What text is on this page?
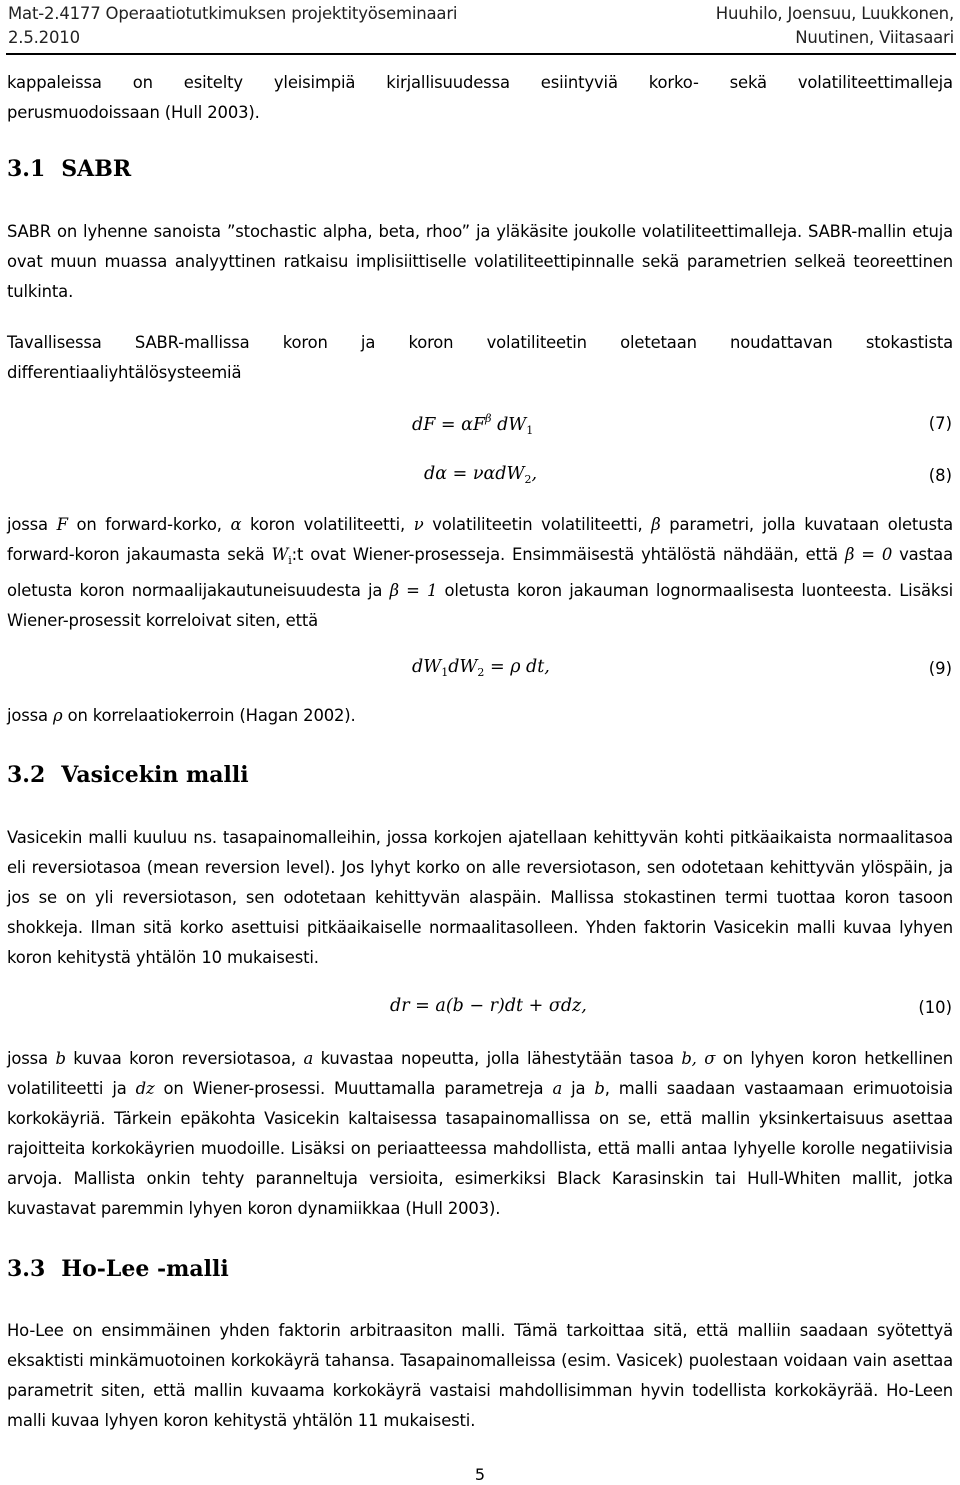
Mat-2.4177 Operaatiotutkimuksen projektityöseminaari
2.5.2010
Huuhilo, Joensuu, Luukkonen,
Nuutinen, Viitasaari
kappaleissa on esitelty yleisimpiä kirjallisuudessa esiintyviä korko- sekä volatiliteettimalleja
perusmuodoissaan (Hull 2003).
3.1 SABR
SABR on lyhenne sanoista ”stochastic alpha, beta, rhoo” ja yläkäsite joukolle volatiliteettimalleja. SABR-mallin etuja ovat muun muassa analyyttinen ratkaisu implisiittiselle volatiliteettipinnalle sekä parametrien selkeä teoreettinen tulkinta.
Tavallisessa SABR-mallissa koron ja koron volatiliteetin oletetaan noudattavan stokastista differentiaaliyhtälösysteemiä
dF = $\alpha F^\beta$ $dW_1$	(7)
dα = ναdW$_2$,	(8)
jossa F on forward-korko, α koron volatiliteetti, ν volatiliteetin volatiliteetti, β parametri, jolla kuvataan oletusta forward-koron jakaumasta sekä $W_i:t$ ovat Wiener-prosesseja. Ensimmäisestä yhtälöstä nähdään, että β = 0 vastaa oletusta koron normaalijakautuneisuudesta ja β = 1 oletusta koron jakauman lognormaalisesta luonteesta. Lisäksi Wiener-prosessit korreloivat siten, että
$dW_1dW_2 = \rho$ dt,	(9)
jossa ρ on korrelaatiokerroin (Hagan 2002).
3.2 Vasicekin malli
Vasicekin malli kuuluu ns. tasapainomalleihin, jossa korkojen ajatellaan kehittyvän kohti pitkäaikaista normaalitasoa eli reversiotasoa (mean reversion level). Jos lyhyt korko on alle reversiotason, sen odotetaan kehittyvän ylöspäin, ja jos se on yli reversiotason, sen odotetaan kehittyvän alaspäin. Mallissa stokastinen termi tuottaa koron tasoon shokkeja. Ilman sitä korko asettuisi pitkäaikaiselle normaalitasolleen. Yhden faktorin Vasicekin malli kuvaa lyhyen koron kehitystä yhtälön 10 mukaisesti.
dr = a(b − r)dt + σdz,	(10)
jossa b kuvaa koron reversiotasoa, a kuvastaa nopeutta, jolla lähestytään tasoa b, σ on lyhyen koron hetkellinen volatiliteetti ja dz on Wiener-prosessi. Muuttamalla parametreja a ja b, malli saadaan vastaamaan erimuotoisia korkokäyriä. Tärkein epäkohta Vasicekin kaltaisessa tasapainomallissa on se, että mallin yksinkertaisuus asettaa rajoitteita korkokäyrien muodoille. Lisäksi on periaatteessa mahdollista, että malli antaa lyhyelle korolle negatiivisia arvoja. Mallista onkin tehty paranneltuja versioita, esimerkiksi Black Karasinskin tai Hull-Whiten mallit, jotka kuvastavat paremmin lyhyen koron dynamiikkaa (Hull 2003).
3.3 Ho-Lee -malli
Ho-Lee on ensimmäinen yhden faktorin arbitraasiton malli. Tämä tarkoittaa sitä, että malliin saadaan syötettyä eksaktisti minkämuotoinen korkokäyrä tahansa. Tasapainomalleissa (esim. Vasicek) puolestaan voidaan vain asettaa parametrit siten, että mallin kuvaama korkokäyrä vastaisi mahdollisimman hyvin todellista korkokäyrää. Ho-Leen malli kuvaa lyhyen koron kehitystä yhtälön 11 mukaisesti.
5
